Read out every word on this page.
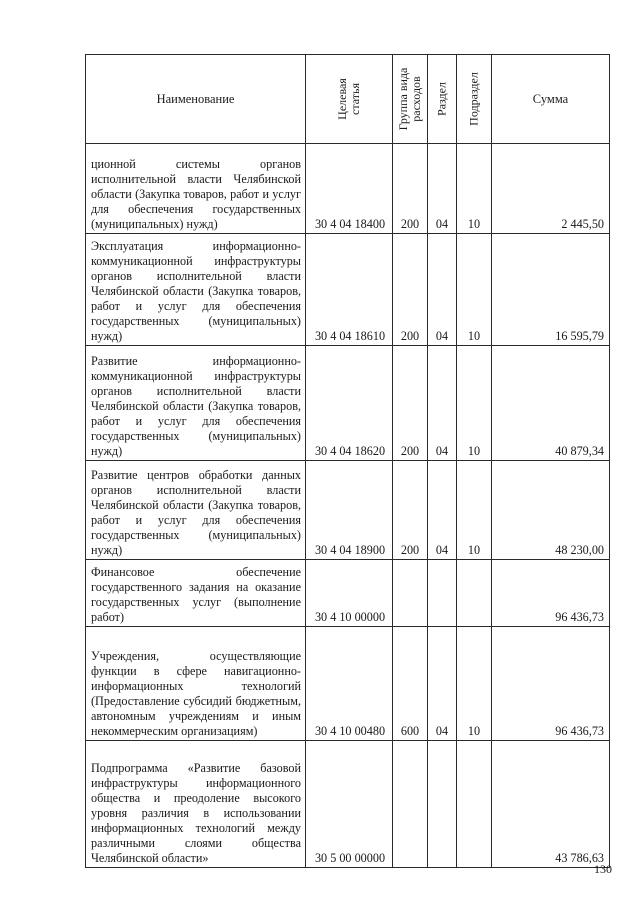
Наименование	Целевая статья	Группа вида расходов	Раздел	Подраздел	Сумма
ционной системы органов исполнительной власти Челябинской области (Закупка товаров, работ и услуг для обеспечения государственных (муниципальных) нужд)	30 4 04 18400	200	04	10	2 445,50
Эксплуатация информационно-коммуникационной инфраструктуры органов исполнительной власти Челябинской области (Закупка товаров, работ и услуг для обеспечения государственных (муниципальных) нужд)	30 4 04 18610	200	04	10	16 595,79
Развитие информационно-коммуникационной инфраструктуры органов исполнительной власти Челябинской области (Закупка товаров, работ и услуг для обеспечения государственных (муниципальных) нужд)	30 4 04 18620	200	04	10	40 879,34
Развитие центров обработки данных органов исполнительной власти Челябинской области (Закупка товаров, работ и услуг для обеспечения государственных (муниципальных) нужд)	30 4 04 18900	200	04	10	48 230,00
Финансовое обеспечение государственного задания на оказание государственных услуг (выполнение работ)	30 4 10 00000				96 436,73
Учреждения, осуществляющие функции в сфере навигационно-информационных технологий (Предоставление субсидий бюджетным, автономным учреждениям и иным некоммерческим организациям)	30 4 10 00480	600	04	10	96 436,73
Подпрограмма «Развитие базовой инфраструктуры информационного общества и преодоление высокого уровня различия в использовании информационных технологий между различными слоями общества Челябинской области»	30 5 00 00000				43 786,63
130
